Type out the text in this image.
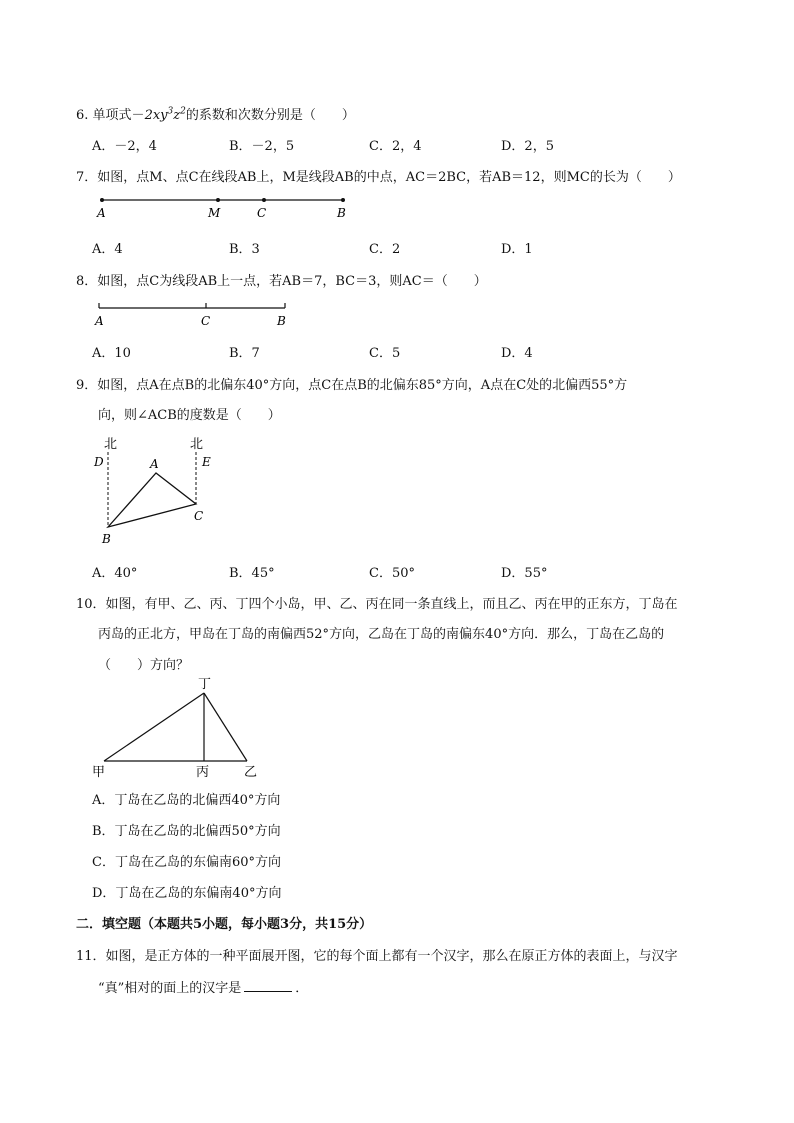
6. 单项式$-2xy^3z^2$的系数和次数分别是（　　）
A．－2，4	B．－2，5	C．2，4	D．2，5
7．如图，点M、点C在线段AB上，M是线段AB的中点，AC＝2BC，若AB＝12，则MC的长为（　　）
A	M	C	B
A．4	B．3	C．2	D．1
8．如图，点C为线段AB上一点，若AB＝7，BC＝3，则AC＝（　　）
A	C	B
A．10	B．7	C．5	D．4
9．如图，点A在点B的北偏东40°方向，点C在点B的北偏东85°方向，A点在C处的北偏西55°方
向，则∠ACB的度数是（　　）
北	北
D	E
A
B
C
A．40°	B．45°	C．50°	D．55°
10．如图，有甲、乙、丙、丁四个小岛，甲、乙、丙在同一条直线上，而且乙、丙在甲的正东方，丁岛在
丙岛的正北方，甲岛在丁岛的南偏西52°方向，乙岛在丁岛的南偏东40°方向．那么，丁岛在乙岛的
（　　）方向？
丁
甲	丙	乙
A．丁岛在乙岛的北偏西40°方向
B．丁岛在乙岛的北偏西50°方向
C．丁岛在乙岛的东偏南60°方向
D．丁岛在乙岛的东偏南40°方向
二．填空题（本题共5小题，每小题3分，共15分）
11．如图，是正方体的一种平面展开图，它的每个面上都有一个汉字，那么在原正方体的表面上，与汉字
“真”相对的面上的汉字是	．
